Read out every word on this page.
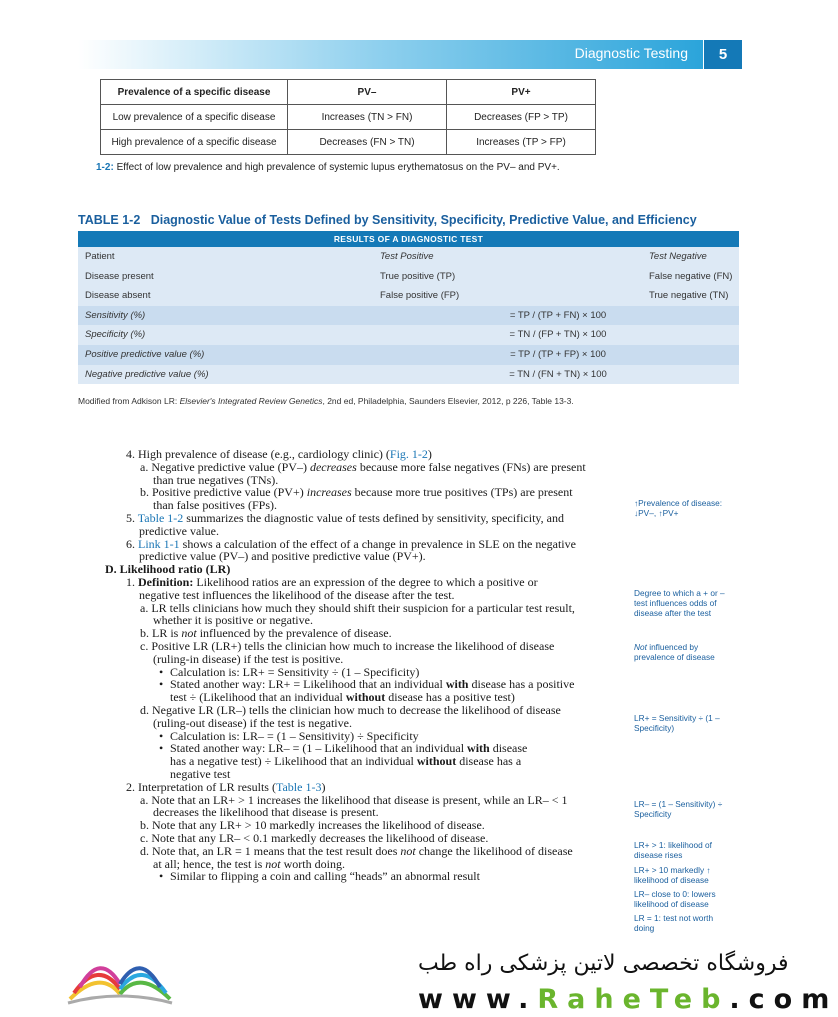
Diagnostic Testing	5
Prevalence of a specific disease	PV–	PV+
Low prevalence of a specific disease	Increases (TN > FN)	Decreases (FP > TP)
High prevalence of a specific disease	Decreases (FN > TN)	Increases (TP > FP)
1-2: Effect of low prevalence and high prevalence of systemic lupus erythematosus on the PV– and PV+.
TABLE 1-2 Diagnostic Value of Tests Defined by Sensitivity, Specificity, Predictive Value, and Efficiency
RESULTS OF A DIAGNOSTIC TEST
Patient	Test Positive	Test Negative
Disease present	True positive (TP)	False negative (FN)
Disease absent	False positive (FP)	True negative (TN)
Sensitivity (%)	= TP / (TP + FN) × 100
Specificity (%)	= TN / (FP + TN) × 100
Positive predictive value (%)	= TP / (TP + FP) × 100
Negative predictive value (%)	= TN / (FN + TN) × 100
Modified from Adkison LR: Elsevier's Integrated Review Genetics, 2nd ed, Philadelphia, Saunders Elsevier, 2012, p 226, Table 13-3.

4. High prevalence of disease (e.g., cardiology clinic) (Fig. 1-2)

a. Negative predictive value (PV–) decreases because more false negatives (FNs) are present

than true negatives (TNs).

b. Positive predictive value (PV+) increases because more true positives (TPs) are present

than false positives (FPs).

5. Table 1-2 summarizes the diagnostic value of tests defined by sensitivity, specificity, and

predictive value.

6. Link 1-1 shows a calculation of the effect of a change in prevalence in SLE on the negative

predictive value (PV–) and positive predictive value (PV+).

D. Likelihood ratio (LR)

1. Definition: Likelihood ratios are an expression of the degree to which a positive or

negative test influences the likelihood of the disease after the test.

a. LR tells clinicians how much they should shift their suspicion for a particular test result,

whether it is positive or negative.

b. LR is not influenced by the prevalence of disease.

c. Positive LR (LR+) tells the clinician how much to increase the likelihood of disease

(ruling-in disease) if the test is positive.

• Calculation is: LR+ = Sensitivity ÷ (1 – Specificity)

• Stated another way: LR+ = Likelihood that an individual with disease has a positive

test ÷ (Likelihood that an individual without disease has a positive test)

d. Negative LR (LR–) tells the clinician how much to decrease the likelihood of disease

(ruling-out disease) if the test is negative.

• Calculation is: LR– = (1 – Sensitivity) ÷ Specificity

• Stated another way: LR– = (1 – Likelihood that an individual with disease

has a negative test) ÷ Likelihood that an individual without disease has a

negative test

2. Interpretation of LR results (Table 1-3)

a. Note that an LR+ > 1 increases the likelihood that disease is present, while an LR– < 1

decreases the likelihood that disease is present.

b. Note that any LR+ > 10 markedly increases the likelihood of disease.

c. Note that any LR– < 0.1 markedly decreases the likelihood of disease.

d. Note that, an LR = 1 means that the test result does not change the likelihood of disease

at all; hence, the test is not worth doing.

• Similar to flipping a coin and calling “heads” an abnormal result

↑Prevalence of disease: ↓PV–, ↑PV+
Degree to which a + or – test influences odds of disease after the test
Not influenced by prevalence of disease
LR+ = Sensitivity ÷ (1 – Specificity)
LR– = (1 – Sensitivity) ÷ Specificity
LR+ > 1: likelihood of disease rises
LR+ > 10 markedly ↑ likelihood of disease
LR– close to 0: lowers likelihood of disease
LR = 1: test not worth doing
فروشگاه تخصصی لاتین پزشکی راه طب
www.RaheTeb.com
